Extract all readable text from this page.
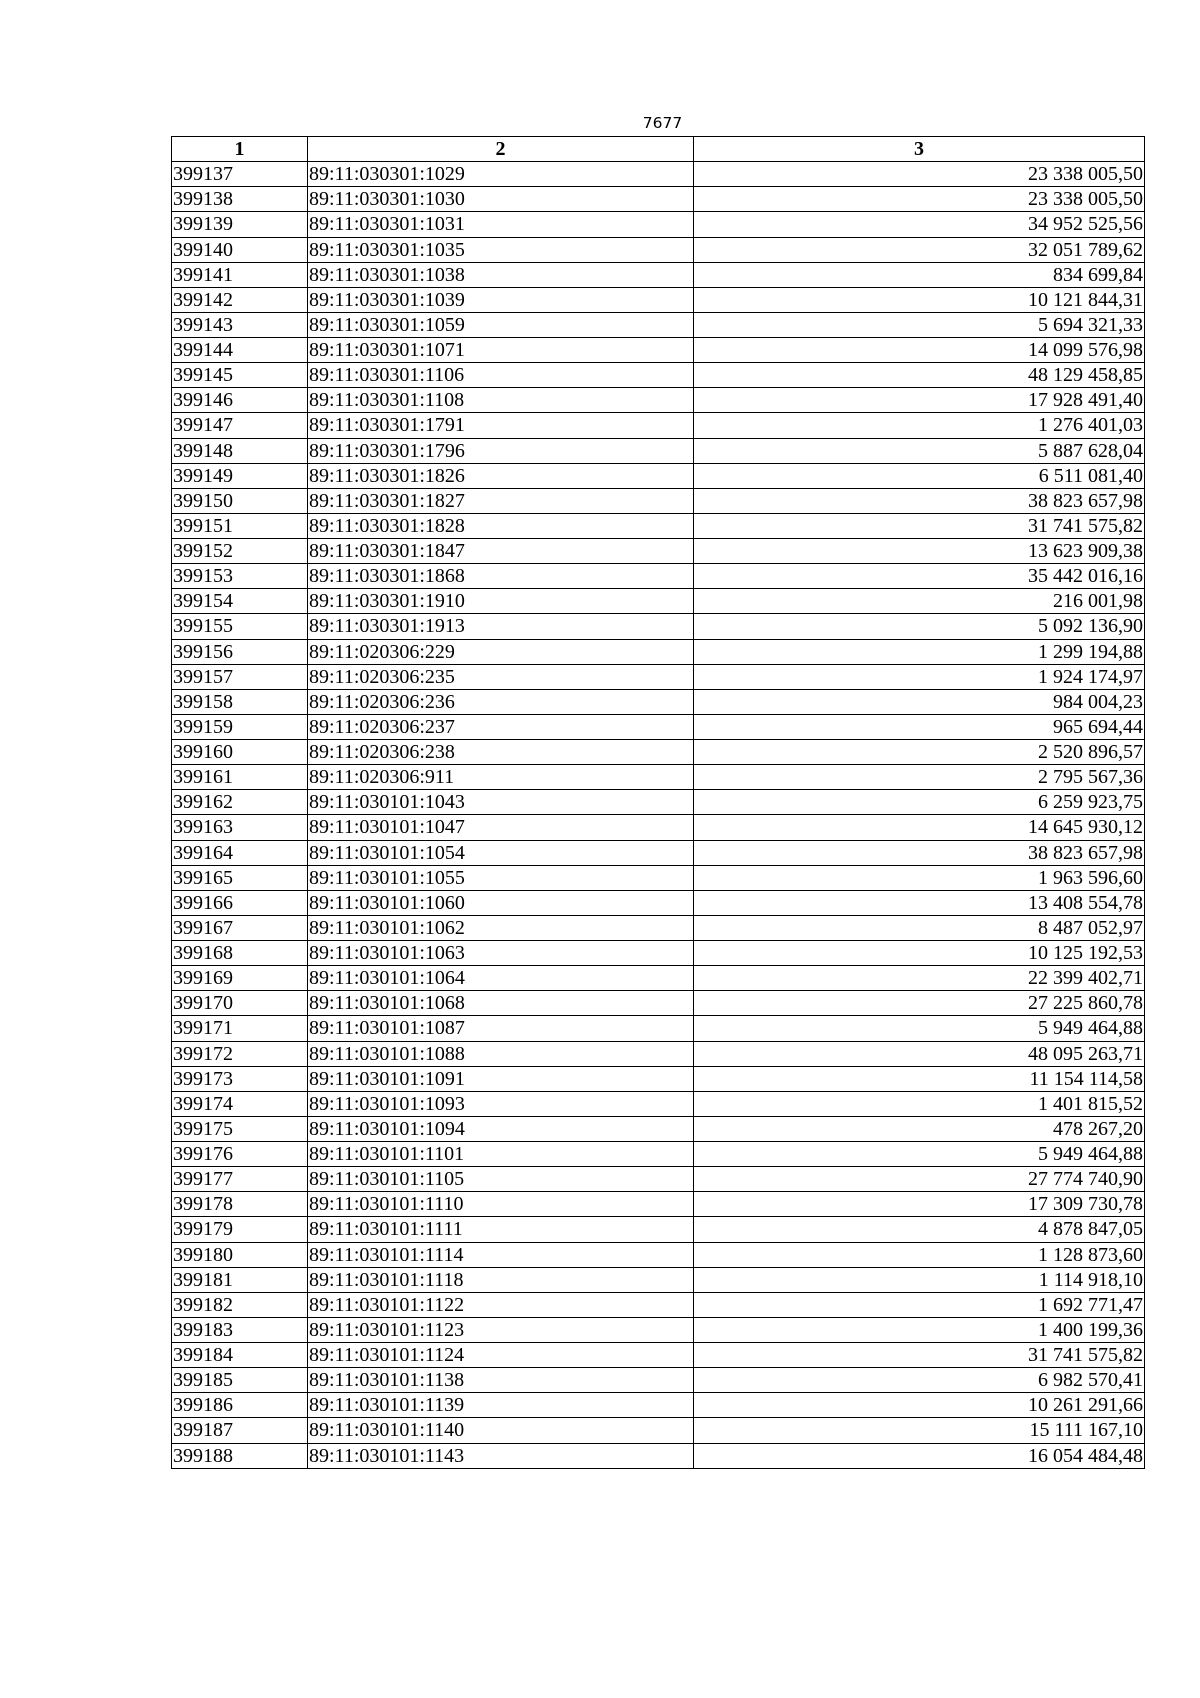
7677
1	2	3
399137	89:11:030301:1029	23 338 005,50
399138	89:11:030301:1030	23 338 005,50
399139	89:11:030301:1031	34 952 525,56
399140	89:11:030301:1035	32 051 789,62
399141	89:11:030301:1038	834 699,84
399142	89:11:030301:1039	10 121 844,31
399143	89:11:030301:1059	5 694 321,33
399144	89:11:030301:1071	14 099 576,98
399145	89:11:030301:1106	48 129 458,85
399146	89:11:030301:1108	17 928 491,40
399147	89:11:030301:1791	1 276 401,03
399148	89:11:030301:1796	5 887 628,04
399149	89:11:030301:1826	6 511 081,40
399150	89:11:030301:1827	38 823 657,98
399151	89:11:030301:1828	31 741 575,82
399152	89:11:030301:1847	13 623 909,38
399153	89:11:030301:1868	35 442 016,16
399154	89:11:030301:1910	216 001,98
399155	89:11:030301:1913	5 092 136,90
399156	89:11:020306:229	1 299 194,88
399157	89:11:020306:235	1 924 174,97
399158	89:11:020306:236	984 004,23
399159	89:11:020306:237	965 694,44
399160	89:11:020306:238	2 520 896,57
399161	89:11:020306:911	2 795 567,36
399162	89:11:030101:1043	6 259 923,75
399163	89:11:030101:1047	14 645 930,12
399164	89:11:030101:1054	38 823 657,98
399165	89:11:030101:1055	1 963 596,60
399166	89:11:030101:1060	13 408 554,78
399167	89:11:030101:1062	8 487 052,97
399168	89:11:030101:1063	10 125 192,53
399169	89:11:030101:1064	22 399 402,71
399170	89:11:030101:1068	27 225 860,78
399171	89:11:030101:1087	5 949 464,88
399172	89:11:030101:1088	48 095 263,71
399173	89:11:030101:1091	11 154 114,58
399174	89:11:030101:1093	1 401 815,52
399175	89:11:030101:1094	478 267,20
399176	89:11:030101:1101	5 949 464,88
399177	89:11:030101:1105	27 774 740,90
399178	89:11:030101:1110	17 309 730,78
399179	89:11:030101:1111	4 878 847,05
399180	89:11:030101:1114	1 128 873,60
399181	89:11:030101:1118	1 114 918,10
399182	89:11:030101:1122	1 692 771,47
399183	89:11:030101:1123	1 400 199,36
399184	89:11:030101:1124	31 741 575,82
399185	89:11:030101:1138	6 982 570,41
399186	89:11:030101:1139	10 261 291,66
399187	89:11:030101:1140	15 111 167,10
399188	89:11:030101:1143	16 054 484,48
